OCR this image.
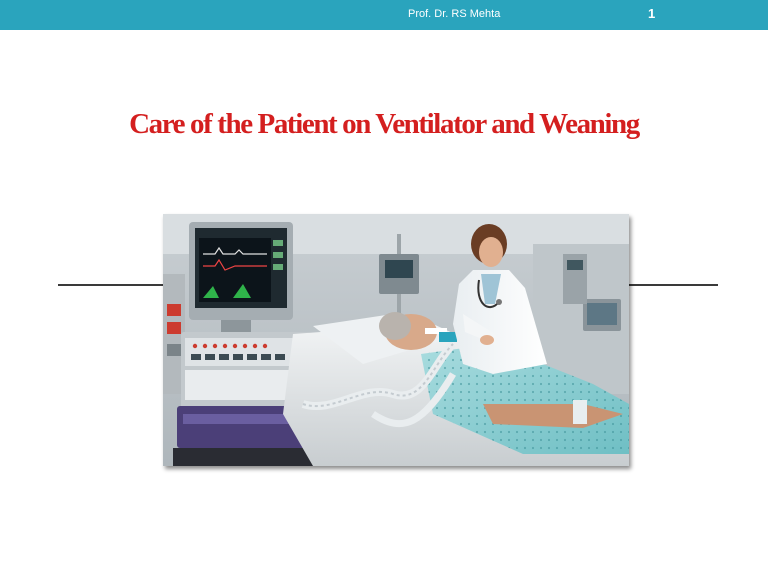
Prof. Dr. RS Mehta	1
Care of the Patient on Ventilator and Weaning
